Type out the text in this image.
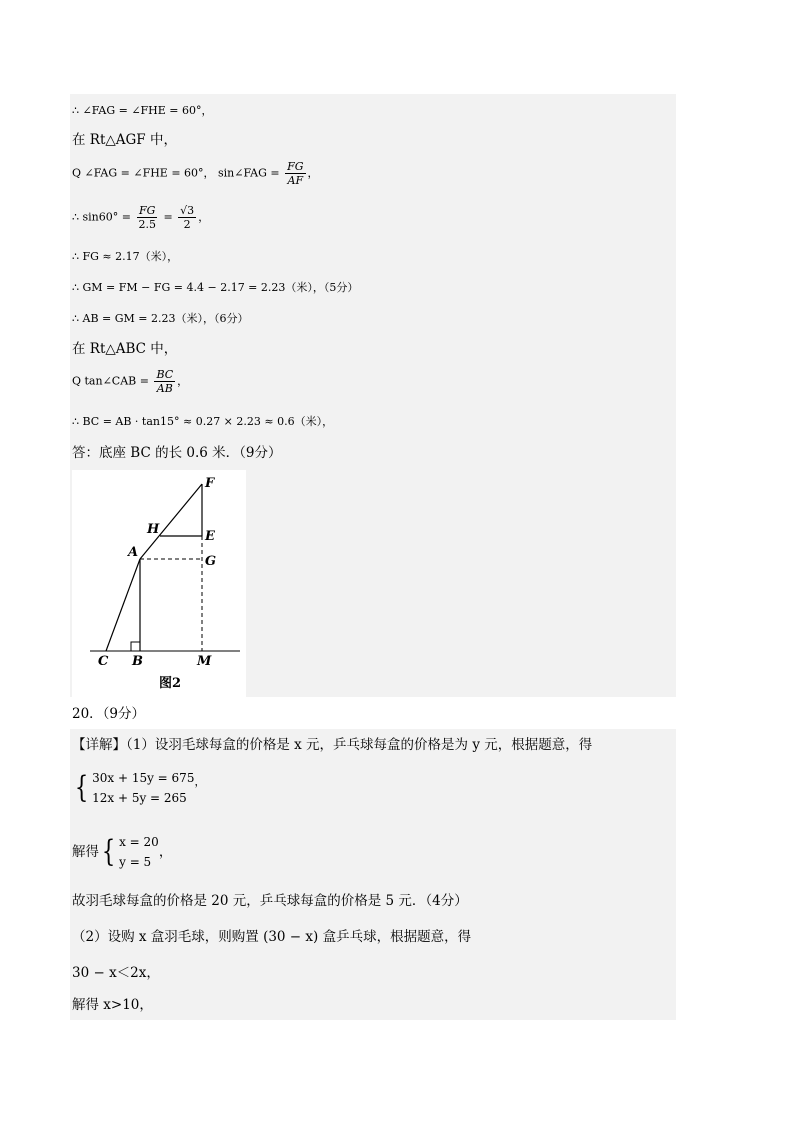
∴ ∠FAG = ∠FHE = 60°，
在 Rt△AGF 中，
Q ∠FAG = ∠FHE = 60°， sin∠FAG = $\frac{FG}{AF}$ ，
∴ $\sin 60^\circ = \frac{FG}{2.5} = \frac{√3}{2}$ ，
∴ FG ≈ 2.17（米），
∴ GM = FM − FG = 4.4 − 2.17 = 2.23（米），（5分）
∴ AB = GM = 2.23（米），（6分）
在 Rt△ABC 中，
Q tan∠CAB = $\frac{BC}{AB}$ ，
∴ BC = AB · tan15° ≈ 0.27 × 2.23 ≈ 0.6（米），
答：底座 BC 的长 0.6 米．（9分）
F
H	E
A
G
C B	M
图2
20．（9分）
【详解】（1）设羽毛球每盒的价格是 x 元，乒乓球每盒的价格是为 y 元，根据题意，得
{ 30x + 15y = 675
12x + 5y = 265
，
解得 { x = 20
y = 5
，
故羽毛球每盒的价格是 20 元，乒乓球每盒的价格是 5 元．（4分）
（2）设购 x 盒羽毛球，则购置 (30 − x) 盒乒乓球，根据题意，得
30 − x＜2x，
解得 x>10，
